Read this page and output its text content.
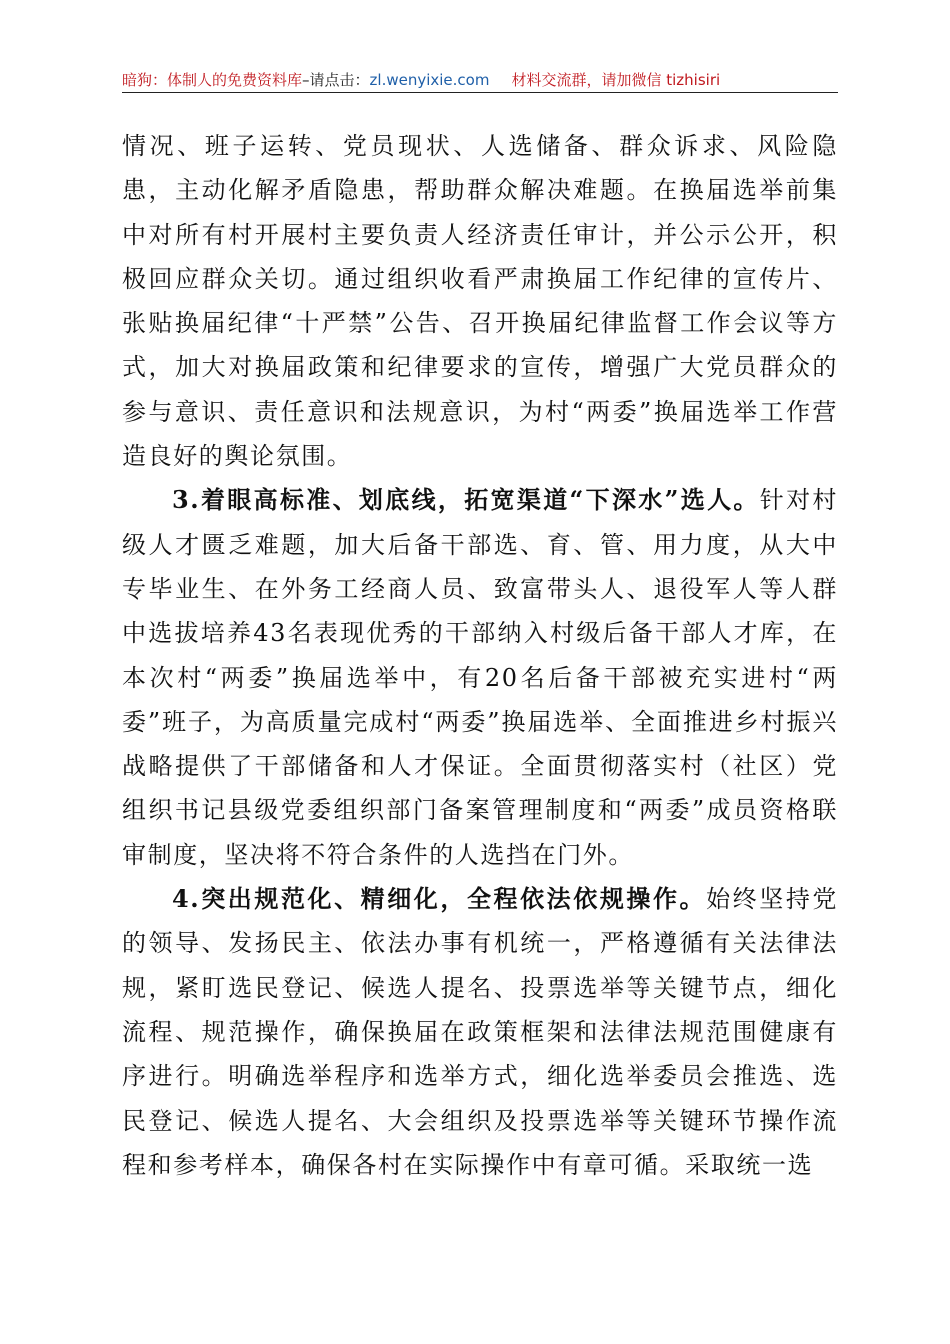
暗狗：体制人的免费资料库–请点击：zl.wenyixie.com 材料交流群，请加微信 tizhisiri

情况、班子运转、党员现状、人选储备、群众诉求、风险隐患，主动化解矛盾隐患，帮助群众解决难题。在换届选举前集中对所有村开展村主要负责人经济责任审计，并公示公开，积极回应群众关切。通过组织收看严肃换届工作纪律的宣传片、张贴换届纪律“十严禁”公告、召开换届纪律监督工作会议等方式，加大对换届政策和纪律要求的宣传，增强广大党员群众的参与意识、责任意识和法规意识，为村“两委”换届选举工作营造良好的舆论氛围。

3.着眼高标准、划底线，拓宽渠道“下深水”选人。针对村级人才匮乏难题，加大后备干部选、育、管、用力度，从大中专毕业生、在外务工经商人员、致富带头人、退役军人等人群中选拔培养43名表现优秀的干部纳入村级后备干部人才库，在本次村“两委”换届选举中，有20名后备干部被充实进村“两委”班子，为高质量完成村“两委”换届选举、全面推进乡村振兴战略提供了干部储备和人才保证。全面贯彻落实村（社区）党组织书记县级党委组织部门备案管理制度和“两委”成员资格联审制度，坚决将不符合条件的人选挡在门外。

4.突出规范化、精细化，全程依法依规操作。始终坚持党的领导、发扬民主、依法办事有机统一，严格遵循有关法律法规，紧盯选民登记、候选人提名、投票选举等关键节点，细化流程、规范操作，确保换届在政策框架和法律法规范围健康有序进行。明确选举程序和选举方式，细化选举委员会推选、选民登记、候选人提名、大会组织及投票选举等关键环节操作流程和参考样本，确保各村在实际操作中有章可循。采取统一选
